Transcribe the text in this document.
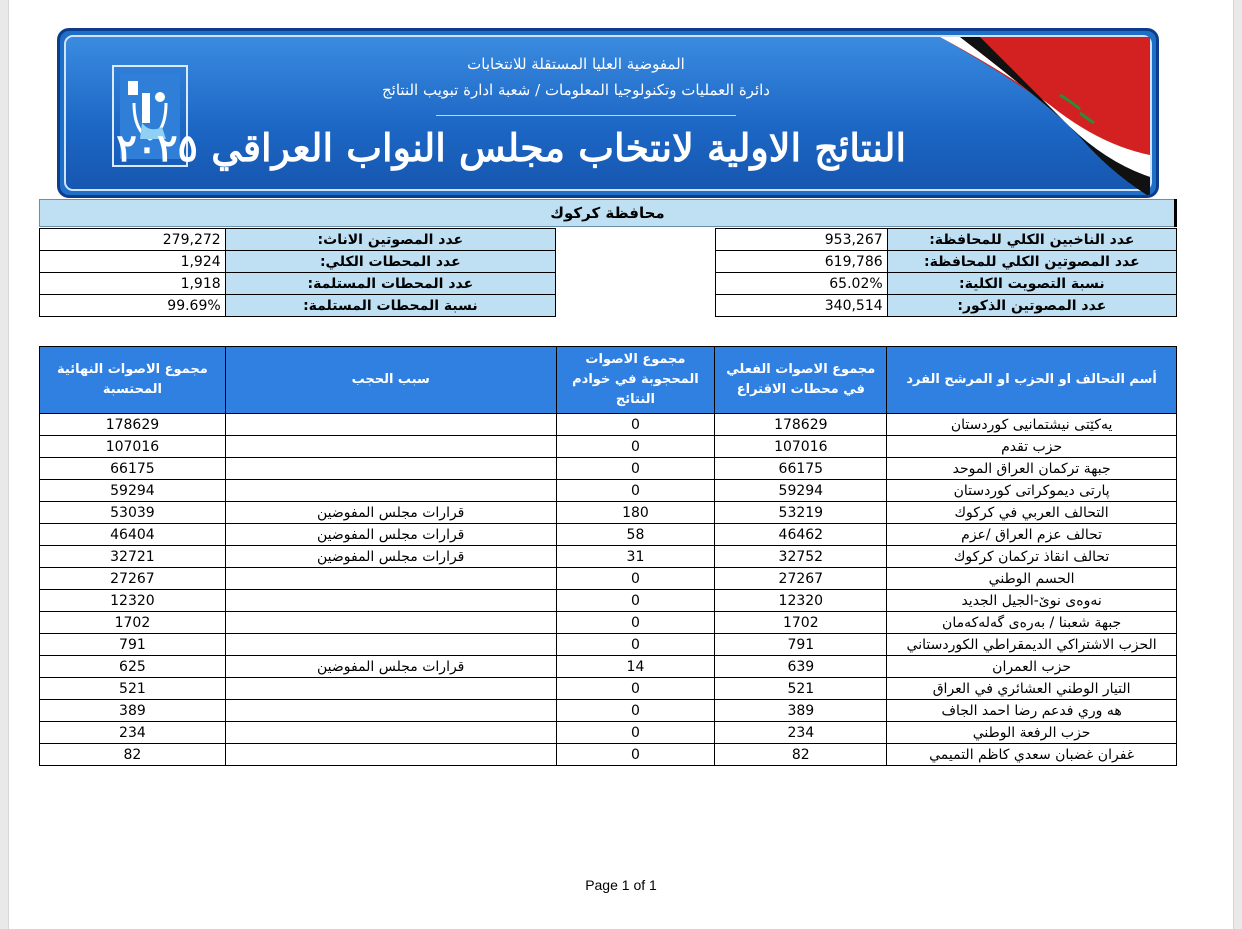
المفوضية العليا المستقلة للانتخابات
دائرة العمليات وتكنولوجيا المعلومات / شعبة ادارة تبويب النتائج
النتائج الاولية لانتخاب مجلس النواب العراقي ٢٠٢٥
محافظة كركوك
953,267	عدد الناخبين الكلي للمحافظة:
619,786	عدد المصوتين الكلي للمحافظة:
65.02%	نسبة التصويت الكلية:
340,514	عدد المصوتين الذكور:
279,272	عدد المصوتين الاناث:
1,924	عدد المحطات الكلي:
1,918	عدد المحطات المستلمة:
99.69%	نسبة المحطات المستلمة:
مجموع الاصوات النهائية المحتسبة	سبب الحجب	مجموع الاصوات المحجوبة في خوادم النتائج	مجموع الاصوات الفعلي في محطات الاقتراع	أسم التحالف او الحزب او المرشح الفرد
178629		0	178629	يەکێتی نیشتمانیی کوردستان
107016		0	107016	حزب تقدم
66175		0	66175	جبهة تركمان العراق الموحد
59294		0	59294	پارتی ديموكراتی كوردستان
53039	قرارات مجلس المفوضين	180	53219	التحالف العربي في كركوك
46404	قرارات مجلس المفوضين	58	46462	تحالف عزم العراق /عزم
32721	قرارات مجلس المفوضين	31	32752	تحالف انقاذ تركمان كركوك
27267		0	27267	الحسم الوطني
12320		0	12320	نەوەی نوێ-الجيل الجديد
1702		0	1702	جبهة شعبنا / بەرەی گەلەکەمان
791		0	791	الحزب الاشتراكي الديمقراطي الكوردستاني
625	قرارات مجلس المفوضين	14	639	حزب العمران
521		0	521	التيار الوطني العشائري في العراق
389		0	389	هه وري فدعم رضا احمد الجاف
234		0	234	حزب الرفعة الوطني
82		0	82	غفران غضبان سعدي كاظم التميمي
Page 1 of 1
